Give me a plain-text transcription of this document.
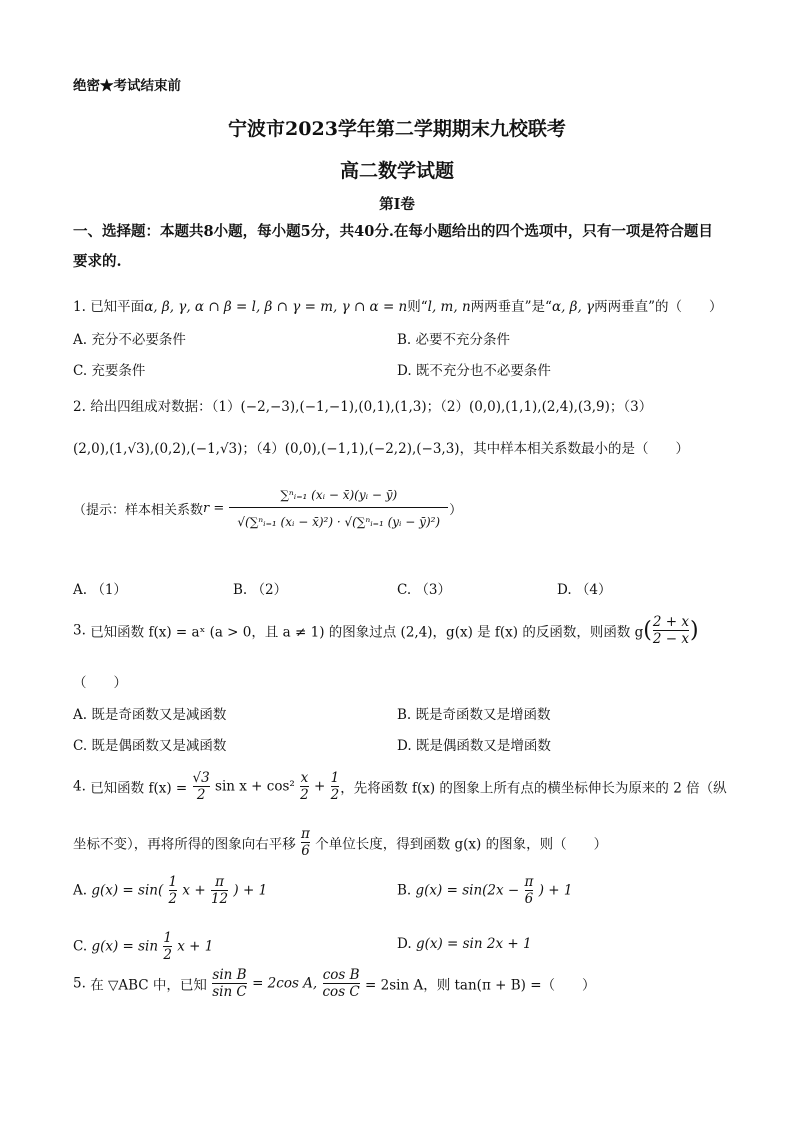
绝密★考试结束前
宁波市2023学年第二学期期末九校联考
高二数学试题
第Ⅰ卷
一、选择题：本题共8小题，每小题5分，共40分.在每小题给出的四个选项中，只有一项是符合题目要求的.
1. 已知平面α, β, γ, α ∩ β = l, β ∩ γ = m, γ ∩ α = n则“l, m, n两两垂直”是“α, β, γ两两垂直”的（　　）
A. 充分不必要条件	B. 必要不充分条件
C. 充要条件	D. 既不充分也不必要条件
2. 给出四组成对数据：（1）(−2,−3),(−1,−1),(0,1),(1,3)；（2）(0,0),(1,1),(2,4),(3,9)；（3）
(2,0),(1,√3),(0,2),(−1,√3)；（4）(0,0),(−1,1),(−2,2),(−3,3)，其中样本相关系数最小的是（　　）
（提示：样本相关系数$r = \frac{\text{∑ⁿᵢ₌₁ (xᵢ − x̄)(yᵢ − ȳ)}}{\text{√(∑ⁿᵢ₌₁ (xᵢ − x̄)²) · √(∑ⁿᵢ₌₁ (yᵢ − ȳ)²)}}$ ）
A. （1）	B. （2）	C. （3）	D. （4）
3. 已知函数 f(x) = aˣ (a > 0，且 a ≠ 1) 的图象过点 (2,4)，g(x) 是 f(x) 的反函数，则函数 $g( \frac{2 + x}{2 - x}$ )
（　　）
A. 既是奇函数又是减函数	B. 既是奇函数又是增函数
C. 既是偶函数又是减函数	D. 既是偶函数又是增函数
4. 已知函数 $f(x) = \frac{√3}{2}$ $\sin x + \cos^2 \frac{x}{2} + \frac{1}{2}$ ，先将函数 f(x) 的图象上所有点的横坐标伸长为原来的 2 倍（纵
坐标不变），再将所得的图象向右平移 $\frac{\pi}{6}$ 个单位长度，得到函数 g(x) 的图象，则（　　）
A. $g(x) = \sin( \frac{1}{2}$ $x + \frac{\pi}{12}$ ) + 1	B. $g(x) = \sin(2x - \frac{\pi}{6}$ ) + 1
C. $g(x) = \sin \frac{1}{2}$ x + 1	D. g(x) = sin 2x + 1
5. 在 ▽ABC 中，已知 $\frac{\text{sin B}}{\text{sin C}} = 2\cos$ A, $\frac{\text{cos B}}{\text{cos C}} = 2\sin$ A，则 tan(π + B) =（　　）
